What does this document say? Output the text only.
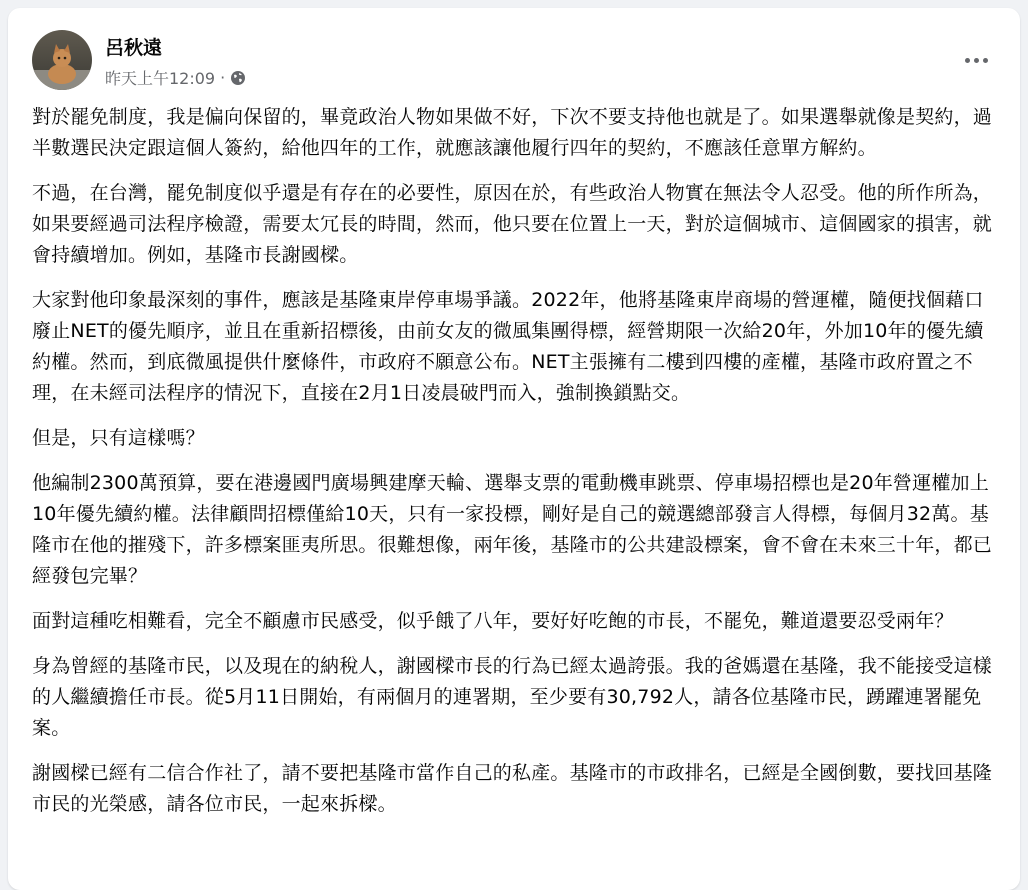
呂秋遠
昨天上午12:09 ·

對於罷免制度，我是偏向保留的，畢竟政治人物如果做不好，下次不要支持他也就是了。如果選舉就像是契約，過半數選民決定跟這個人簽約，給他四年的工作，就應該讓他履行四年的契約，不應該任意單方解約。

不過，在台灣，罷免制度似乎還是有存在的必要性，原因在於，有些政治人物實在無法令人忍受。他的所作所為，如果要經過司法程序檢證，需要太冗長的時間，然而，他只要在位置上一天，對於這個城市、這個國家的損害，就會持續增加。例如，基隆市長謝國樑。

大家對他印象最深刻的事件，應該是基隆東岸停車場爭議。2022年，他將基隆東岸商場的營運權，隨便找個藉口廢止NET的優先順序，並且在重新招標後，由前女友的微風集團得標，經營期限一次給20年，外加10年的優先續約權。然而，到底微風提供什麼條件，市政府不願意公布。NET主張擁有二樓到四樓的產權，基隆市政府置之不理，在未經司法程序的情況下，直接在2月1日凌晨破門而入，強制換鎖點交。

但是，只有這樣嗎？

他編制2300萬預算，要在港邊國門廣場興建摩天輪、選舉支票的電動機車跳票、停車場招標也是20年營運權加上10年優先續約權。法律顧問招標僅給10天，只有一家投標，剛好是自己的競選總部發言人得標，每個月32萬。基隆市在他的摧殘下，許多標案匪夷所思。很難想像，兩年後，基隆市的公共建設標案，會不會在未來三十年，都已經發包完畢？

面對這種吃相難看，完全不顧慮市民感受，似乎餓了八年，要好好吃飽的市長，不罷免，難道還要忍受兩年？

身為曾經的基隆市民，以及現在的納稅人，謝國樑市長的行為已經太過誇張。我的爸媽還在基隆，我不能接受這樣的人繼續擔任市長。從5月11日開始，有兩個月的連署期，至少要有30,792人，請各位基隆市民，踴躍連署罷免案。

謝國樑已經有二信合作社了，請不要把基隆市當作自己的私產。基隆市的市政排名，已經是全國倒數，要找回基隆市民的光榮感，請各位市民，一起來拆樑。
